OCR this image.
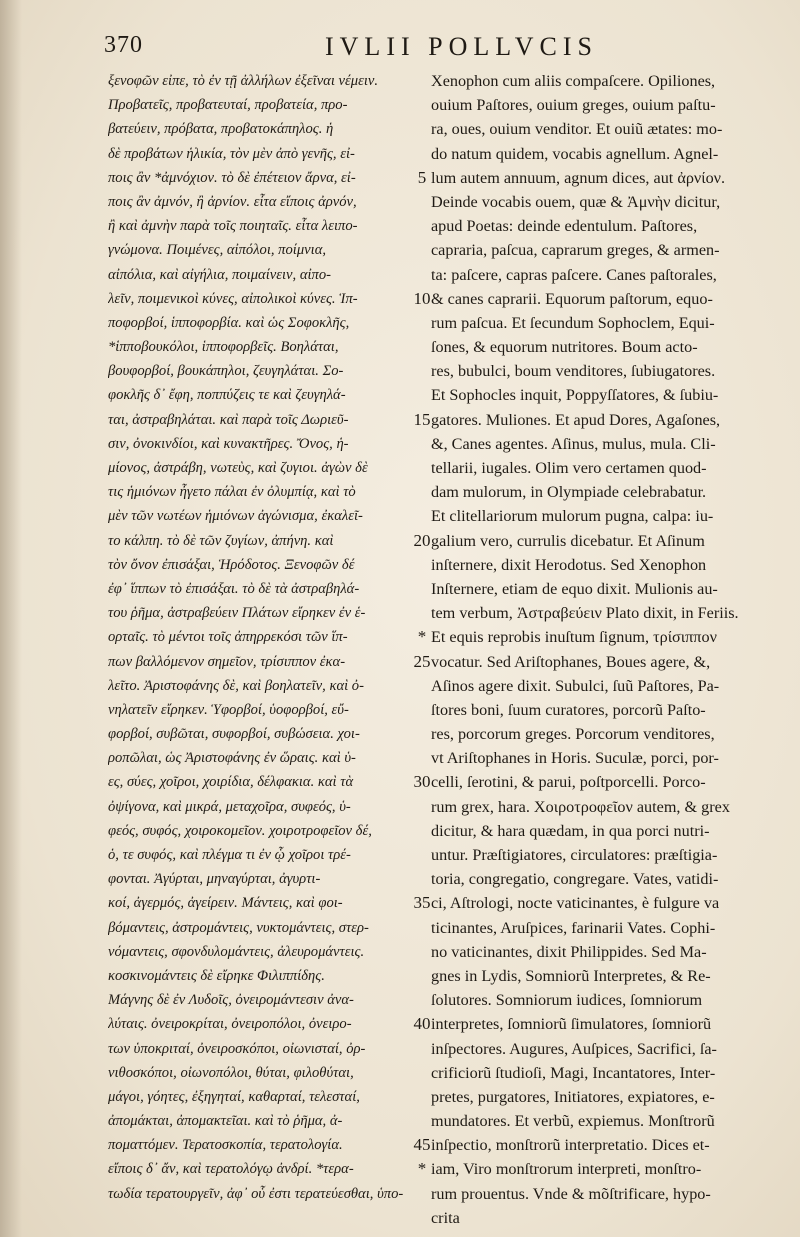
370	IVLII POLLVCIS
ξενοφῶν εἰπε, τὸ ἐν τῇ ἀλλήλων ἐξεῖναι νέμειν.
Προβατεῖς, προβατευταί, προβατεία, προ-
βατεύειν, πρόβατα, προβατοκάπηλος. ἡ
δὲ προβάτων ἡλικία, τὸν μὲν ἀπὸ γενῆς, εἰ-
ποις ἂν *ἀμνόχιον. τὸ δὲ ἐπέτειον ἄρνα, εἰ-
ποις ἂν ἀμνόν, ἢ ἀρνίον. εἶτα εἴποις ἀρνόν,
ἢ καὶ ἀμνὴν παρὰ τοῖς ποιηταῖς. εἶτα λειπο-
γνώμονα. Ποιμένες, αἰπόλοι, ποίμνια,
αἰπόλια, καὶ αἰγήλια, ποιμαίνειν, αἰπο-
λεῖν, ποιμενικοὶ κύνες, αἰπολικοὶ κύνες. Ἱπ-
ποφορβοί, ἱπποφορβία. καὶ ὡς Σοφοκλῆς,
*ἱπποβουκόλοι, ἱπποφορβεῖς. Βοηλάται,
βουφορβοί, βουκάπηλοι, ζευγηλάται. Σο-
φοκλῆς δ᾽ ἔφη, ποππύζεις τε καὶ ζευγηλά-
ται, ἀστραβηλάται. καὶ παρὰ τοῖς Δωριεῦ-
σιν, ὀνοκινδίοι, καὶ κυνακτῆρες. Ὄνος, ἡ-
μίονος, ἀστράβη, νωτεὺς, καὶ ζυγιοι. ἀγὼν δὲ
τις ἡμιόνων ἦγετο πάλαι ἐν ὀλυμπίᾳ, καὶ τὸ
μὲν τῶν νωτέων ἡμιόνων ἀγώνισμα, ἐκαλεῖ-
το κάλπη. τὸ δὲ τῶν ζυγίων, ἀπήνη. καὶ
τὸν ὄνον ἐπισάξαι, Ἡρόδοτος. Ξενοφῶν δέ
ἐφ᾽ ἵππων τὸ ἐπισάξαι. τὸ δὲ τὰ ἀστραβηλά-
του ῥῆμα, ἀστραβεύειν Πλάτων εἴρηκεν ἐν ἑ-
ορταῖς. τὸ μέντοι τοῖς ἀπηρρεκόσι τῶν ἵπ-
πων βαλλόμενον σημεῖον, τρίσιππον ἐκα-
λεῖτο. Ἀριστοφάνης δὲ, καὶ βοηλατεῖν, καὶ ὀ-
νηλατεῖν εἴρηκεν. Ὑφορβοί, ὑοφορβοί, εὔ-
φορβοί, συβῶται, συφορβοί, συβώσεια. χοι-
ροπῶλαι, ὡς Ἀριστοφάνης ἐν ὥραις. καὶ ὑ-
ες, σύες, χοῖροι, χοιρίδια, δέλφακια. καὶ τὰ
ὀψίγονα, καὶ μικρά, μεταχοῖρα, συφεός, ὑ-
φεός, συφός, χοιροκομεῖον. χοιροτροφεῖον δέ,
ὁ, τε συφός, καὶ πλέγμα τι ἐν ᾧ χοῖροι τρέ-
φονται. Ἀγύρται, μηναγύρται, ἀγυρτι-
κοί, ἀγερμός, ἀγείρειν. Μάντεις, καὶ φοι-
βόμαντεις, ἀστρομάντεις, νυκτομάντεις, στερ-
νόμαντεις, σφονδυλομάντεις, ἀλευρομάντεις.
κοσκινομάντεις δὲ εἴρηκε Φιλιππίδης.
Μάγνης δὲ ἐν Λυδοῖς, ὀνειρομάντεσιν ἀνα-
λύταις. ὀνειροκρίται, ὀνειροπόλοι, ὀνειρο-
των ὑποκριταί, ὀνειροσκόποι, οἰωνισταί, ὀρ-
νιθοσκόποι, οἰωνοπόλοι, θύται, φιλοθύται,
μάγοι, γόητες, ἐξηγηταί, καθαρταί, τελεσταί,
ἀπομάκται, ἀπομακτεῖαι. καὶ τὸ ῥῆμα, ἀ-
ποματτόμεν. Τερατοσκοπία, τερατολογία.
εἴποις δ᾽ ἄν, καὶ τερατολόγῳ ἀνδρί. *τερα-
τωδία τερατουργεῖν, ἀφ᾽ οὗ ἐστι τερατεύεσθαι, ὑπο-
5
10
15
20
*
25
30
35
40
45
*
Xenophon cum aliis compaſcere. Opiliones,
ouium Paſtores, ouium greges, ouium paſtu-
ra, oues, ouium venditor. Et ouiũ ætates: mo-
do natum quidem, vocabis agnellum. Agnel-
lum autem annuum, agnum dices, aut ἀρνίον.
Deinde vocabis ouem, quæ & Ἀμνὴν dicitur,
apud Poetas: deinde edentulum. Paſtores,
capraria, paſcua, caprarum greges, & armen-
ta: paſcere, capras paſcere. Canes paſtorales,
& canes caprarii. Equorum paſtorum, equo-
rum paſcua. Et ſecundum Sophoclem, Equi-
ſones, & equorum nutritores. Boum acto-
res, bubulci, boum venditores, ſubiugatores.
Et Sophocles inquit, Poppyſſatores, & ſubiu-
gatores. Muliones. Et apud Dores, Agaſones,
&, Canes agentes. Aſinus, mulus, mula. Cli-
tellarii, iugales. Olim vero certamen quod-
dam mulorum, in Olympiade celebrabatur.
Et clitellariorum mulorum pugna, calpa: iu-
galium vero, currulis dicebatur. Et Aſinum
inſternere, dixit Herodotus. Sed Xenophon
Inſternere, etiam de equo dixit. Mulionis au-
tem verbum, Ἀστραβεύειν Plato dixit, in Feriis.
Et equis reprobis inuſtum ſignum, τρίσιππον
vocatur. Sed Ariſtophanes, Boues agere, &,
Aſinos agere dixit. Subulci, ſuũ Paſtores, Pa-
ſtores boni, ſuum curatores, porcorũ Paſto-
res, porcorum greges. Porcorum venditores,
vt Ariſtophanes in Horis. Suculæ, porci, por-
celli, ſerotini, & parui, poſtporcelli. Porco-
rum grex, hara. Χοιροτροφεῖον autem, & grex
dicitur, & hara quædam, in qua porci nutri-
untur. Præſtigiatores, circulatores: præſtigia-
toria, congregatio, congregare. Vates, vatidi-
ci, Aſtrologi, nocte vaticinantes, è fulgure va
ticinantes, Aruſpices, farinarii Vates. Cophi-
no vaticinantes, dixit Philippides. Sed Ma-
gnes in Lydis, Somniorũ Interpretes, & Re-
ſolutores. Somniorum iudices, ſomniorum
interpretes, ſomniorũ ſimulatores, ſomniorũ
inſpectores. Augures, Auſpices, Sacrifici, ſa-
crificiorũ ſtudioſi, Magi, Incantatores, Inter-
pretes, purgatores, Initiatores, expiatores, e-
mundatores. Et verbũ, expiemus. Monſtrorũ
inſpectio, monſtrorũ interpretatio. Dices et-
iam, Viro monſtrorum interpreti, monſtro-
rum prouentus. Vnde & mõſtrificare, hypo-
crita
